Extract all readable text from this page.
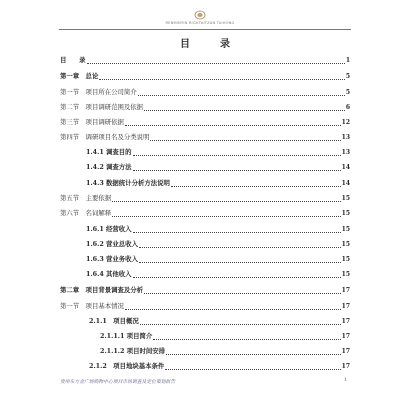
RENMINYIN RIGHTAITZAN TAIHONG
目　录
目　　录	1
第一章　总论	5
第一节　项目所在公司简介	5
第二节　项目调研范围及依据	6
第三节　项目调研依据	12
第四节　调研项目名及分类说明	13
1.4.1 调查目的	13
1.4.2 调查方法	14
1.4.3 数据统计分析方法说明	14
第五节　主要依据	15
第六节　名词解释	15
1.6.1 经营收入	15
1.6.2 营业总收入	15
1.6.3 营业务收入	15
1.6.4 其他收入	15
第二章　项目背景调查及分析	17
第一节　项目基本情况	17
2.1.1　项目概况	17
2.1.1.1 项目简介	17
2.1.1.2 项目时间安排	17
2.1.2　项目地块基本条件	17
贵州东方金广场购物中心项目市场调查及定位策划报告	1
